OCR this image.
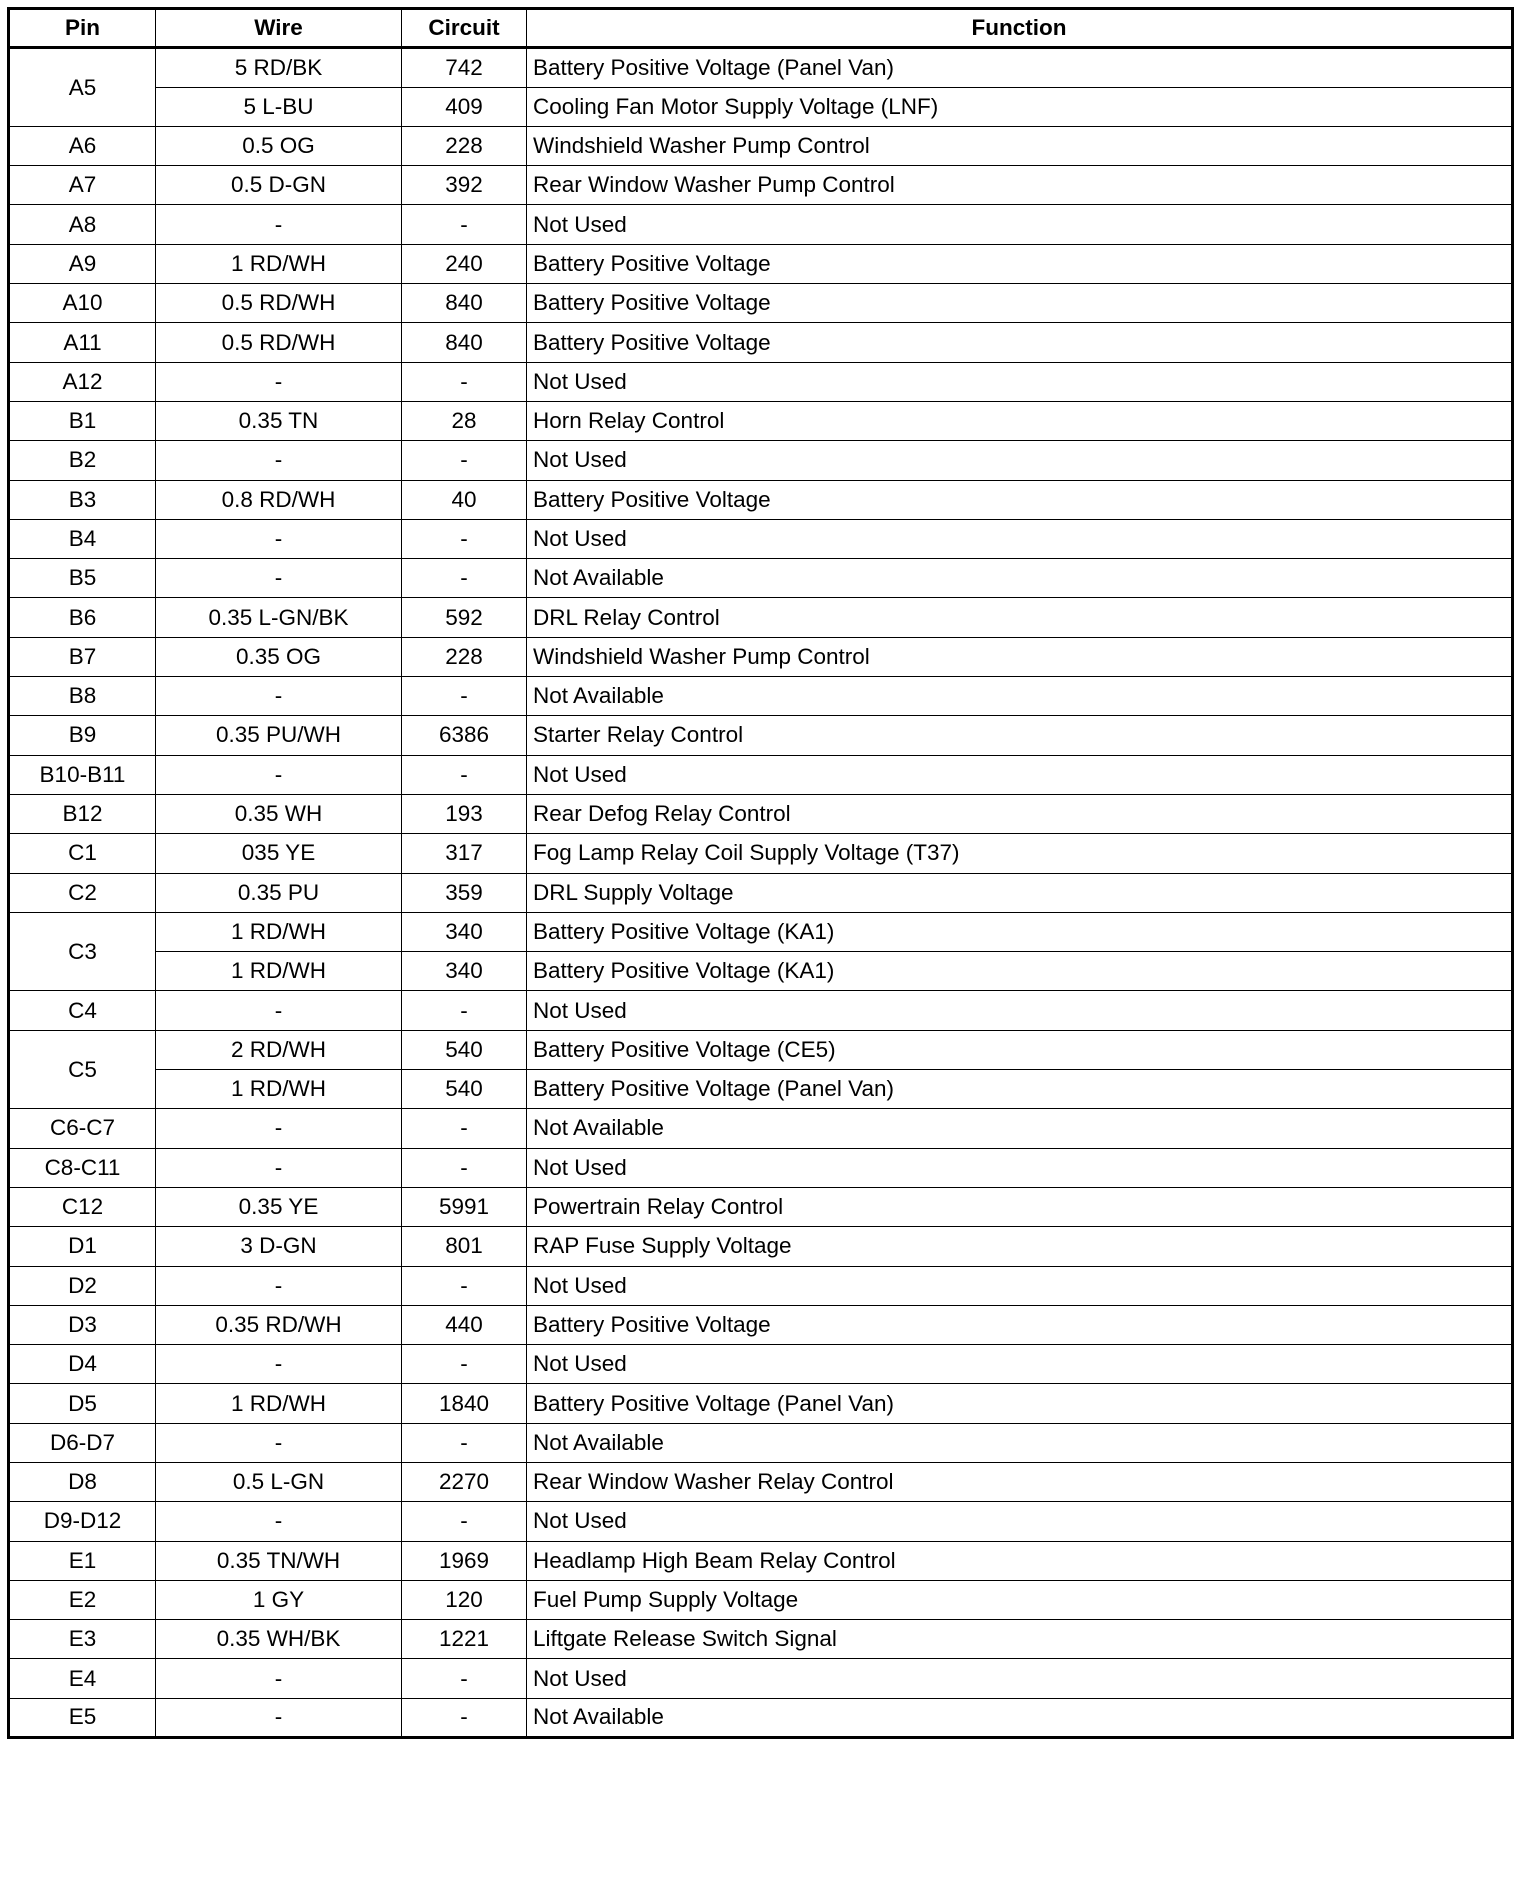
Pin	Wire	Circuit	Function
A5	5 RD/BK	742	Battery Positive Voltage (Panel Van)
	5 L-BU	409	Cooling Fan Motor Supply Voltage (LNF)
A6	0.5 OG	228	Windshield Washer Pump Control
A7	0.5 D-GN	392	Rear Window Washer Pump Control
A8	-	-	Not Used
A9	1 RD/WH	240	Battery Positive Voltage
A10	0.5 RD/WH	840	Battery Positive Voltage
A11	0.5 RD/WH	840	Battery Positive Voltage
A12	-	-	Not Used
B1	0.35 TN	28	Horn Relay Control
B2	-	-	Not Used
B3	0.8 RD/WH	40	Battery Positive Voltage
B4	-	-	Not Used
B5	-	-	Not Available
B6	0.35 L-GN/BK	592	DRL Relay Control
B7	0.35 OG	228	Windshield Washer Pump Control
B8	-	-	Not Available
B9	0.35 PU/WH	6386	Starter Relay Control
B10-B11	-	-	Not Used
B12	0.35 WH	193	Rear Defog Relay Control
C1	035 YE	317	Fog Lamp Relay Coil Supply Voltage (T37)
C2	0.35 PU	359	DRL Supply Voltage
C3	1 RD/WH	340	Battery Positive Voltage (KA1)
	1 RD/WH	340	Battery Positive Voltage (KA1)
C4	-	-	Not Used
C5	2 RD/WH	540	Battery Positive Voltage (CE5)
	1 RD/WH	540	Battery Positive Voltage (Panel Van)
C6-C7	-	-	Not Available
C8-C11	-	-	Not Used
C12	0.35 YE	5991	Powertrain Relay Control
D1	3 D-GN	801	RAP Fuse Supply Voltage
D2	-	-	Not Used
D3	0.35 RD/WH	440	Battery Positive Voltage
D4	-	-	Not Used
D5	1 RD/WH	1840	Battery Positive Voltage (Panel Van)
D6-D7	-	-	Not Available
D8	0.5 L-GN	2270	Rear Window Washer Relay Control
D9-D12	-	-	Not Used
E1	0.35 TN/WH	1969	Headlamp High Beam Relay Control
E2	1 GY	120	Fuel Pump Supply Voltage
E3	0.35 WH/BK	1221	Liftgate Release Switch Signal
E4	-	-	Not Used
E5	-	-	Not Available
